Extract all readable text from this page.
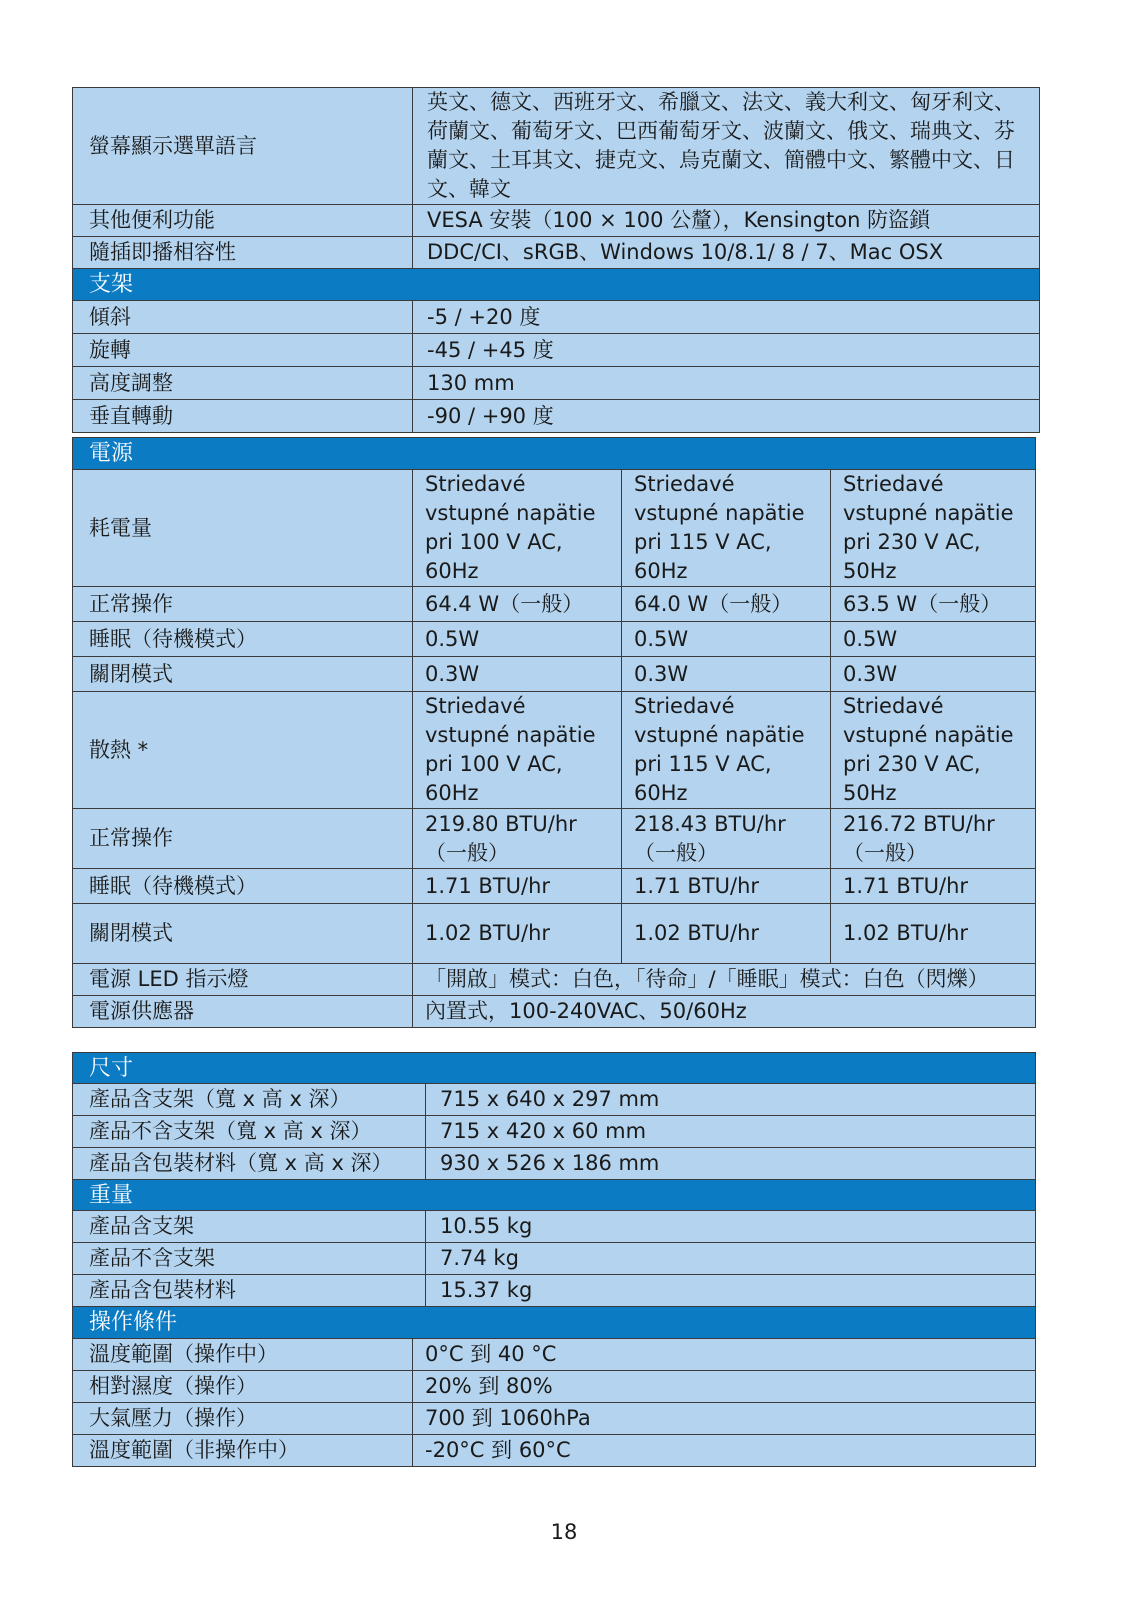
螢幕顯示選單語言	英文、德文、西班牙文、希臘文、法文、義大利文、匈牙利文、荷蘭文、葡萄牙文、巴西葡萄牙文、波蘭文、俄文、瑞典文、芬蘭文、土耳其文、捷克文、烏克蘭文、簡體中文、繁體中文、日文、韓文
其他便利功能	VESA 安裝（100 × 100 公釐），Kensington 防盜鎖
隨插即播相容性	DDC/CI、sRGB、Windows 10/8.1/ 8 / 7、Mac OSX
支架	
傾斜	-5 / +20 度
旋轉	-45 / +45 度
高度調整	130 mm
垂直轉動	-90 / +90 度
電源			
耗電量	Striedavé vstupné napätie pri 100 V AC, 60Hz	Striedavé vstupné napätie pri 115 V AC, 60Hz	Striedavé vstupné napätie pri 230 V AC, 50Hz
正常操作	64.4 W（一般）	64.0 W（一般）	63.5 W（一般）
睡眠（待機模式）	0.5W	0.5W	0.5W
關閉模式	0.3W	0.3W	0.3W
散熱 *	Striedavé vstupné napätie pri 100 V AC, 60Hz	Striedavé vstupné napätie pri 115 V AC, 60Hz	Striedavé vstupné napätie pri 230 V AC, 50Hz
正常操作	219.80 BTU/hr（一般）	218.43 BTU/hr（一般）	216.72 BTU/hr（一般）
睡眠（待機模式）	1.71 BTU/hr	1.71 BTU/hr	1.71 BTU/hr
關閉模式	1.02 BTU/hr	1.02 BTU/hr	1.02 BTU/hr
電源 LED 指示燈	「開啟」模式：白色，「待命」/「睡眠」模式：白色（閃爍）		
電源供應器	內置式，100-240VAC、50/60Hz		
尺寸	
產品含支架（寬 x 高 x 深）	715 x 640 x 297 mm
產品不含支架（寬 x 高 x 深）	715 x 420 x 60 mm
產品含包裝材料（寬 x 高 x 深）	930 x 526 x 186 mm
重量	
產品含支架	10.55 kg
產品不含支架	7.74 kg
產品含包裝材料	15.37 kg
操作條件	
溫度範圍（操作中）	0°C 到 40 °C
相對濕度（操作）	20% 到 80%
大氣壓力（操作）	700 到 1060hPa
溫度範圍（非操作中）	-20°C 到 60°C
18
